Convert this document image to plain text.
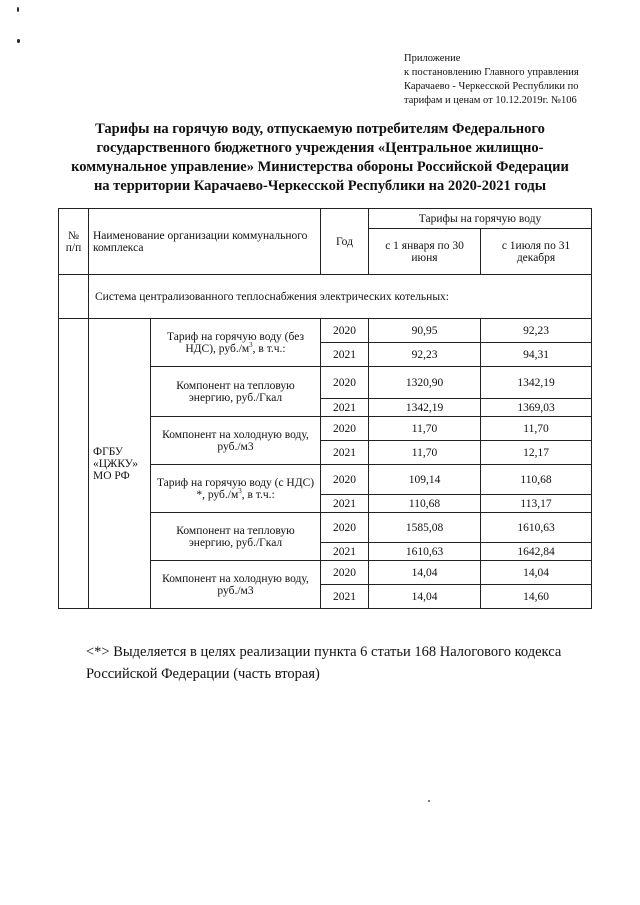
Приложение
к постановлению Главного управления
Карачаево - Черкесской Республики по
тарифам и ценам от 10.12.2019г. №106
Тарифы на горячую воду, отпускаемую потребителям Федерального государственного бюджетного учреждения «Центральное жилищно-коммунальное управление» Министерства обороны Российской Федерации на территории Карачаево-Черкесской Республики на 2020-2021 годы
№ п/п	Наименование организации коммунального комплекса		Год	Тарифы на горячую воду	
				с 1 января по 30 июня	с 1июля по 31 декабря
	Система централизованного теплоснабжения электрических котельных:				
	ФГБУ «ЦЖКУ» МО РФ	Тариф на горячую воду (без НДС), $руб./м^3$, в т.ч.:	2020	90,95	92,23
			2021	92,23	94,31
		Компонент на тепловую энергию, руб./Гкал	2020	1320,90	1342,19
			2021	1342,19	1369,03
		Компонент на холодную воду, руб./м3	2020	11,70	11,70
			2021	11,70	12,17
		Тариф на горячую воду (с НДС) *, $руб./м^3$, в т.ч.:	2020	109,14	110,68
			2021	110,68	113,17
		Компонент на тепловую энергию, руб./Гкал	2020	1585,08	1610,63
			2021	1610,63	1642,84
		Компонент на холодную воду, руб./м3	2020	14,04	14,04
			2021	14,04	14,60
<*> Выделяется в целях реализации пункта 6 статьи 168 Налогового кодекса Российской Федерации (часть вторая)
